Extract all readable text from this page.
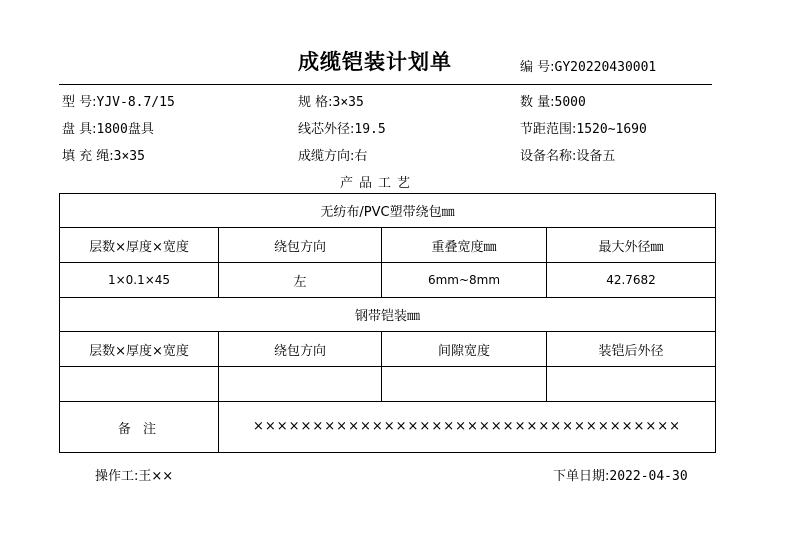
成缆铠装计划单	编 号:GY20220430001
型 号:YJV-8.7/15	规 格:3×35	数 量:5000
盘 具:1800盘具	线芯外径:19.5	节距范围:1520~1690
填 充 绳:3×35	成缆方向:右	设备名称:设备五
产品工艺
无纺布/PVC塑带绕包㎜			
层数×厚度×宽度	绕包方向	重叠宽度㎜	最大外径㎜
1×0.1×45	左	6mm~8mm	42.7682
钢带铠装㎜			
层数×厚度×宽度	绕包方向	间隙宽度	装铠后外径

备 注	××××××××××××××××××××××××××××××××××××		
操作工:王××	下单日期:2022-04-30
